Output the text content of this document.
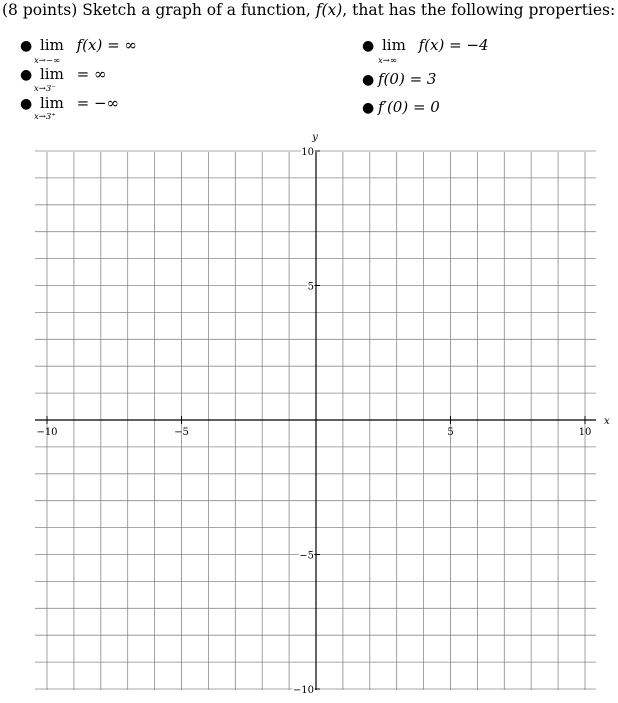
(8 points) Sketch a graph of a function, f(x), that has the following properties:
● lim f(x) = ∞
x→−∞
● lim = ∞
x→3⁻
● lim = −∞
x→3⁺
● lim f(x) = −4
x→∞
● f(0) = 3
● f′(0) = 0
−10	−5	5	10
10
5
−5
−10
x
y
